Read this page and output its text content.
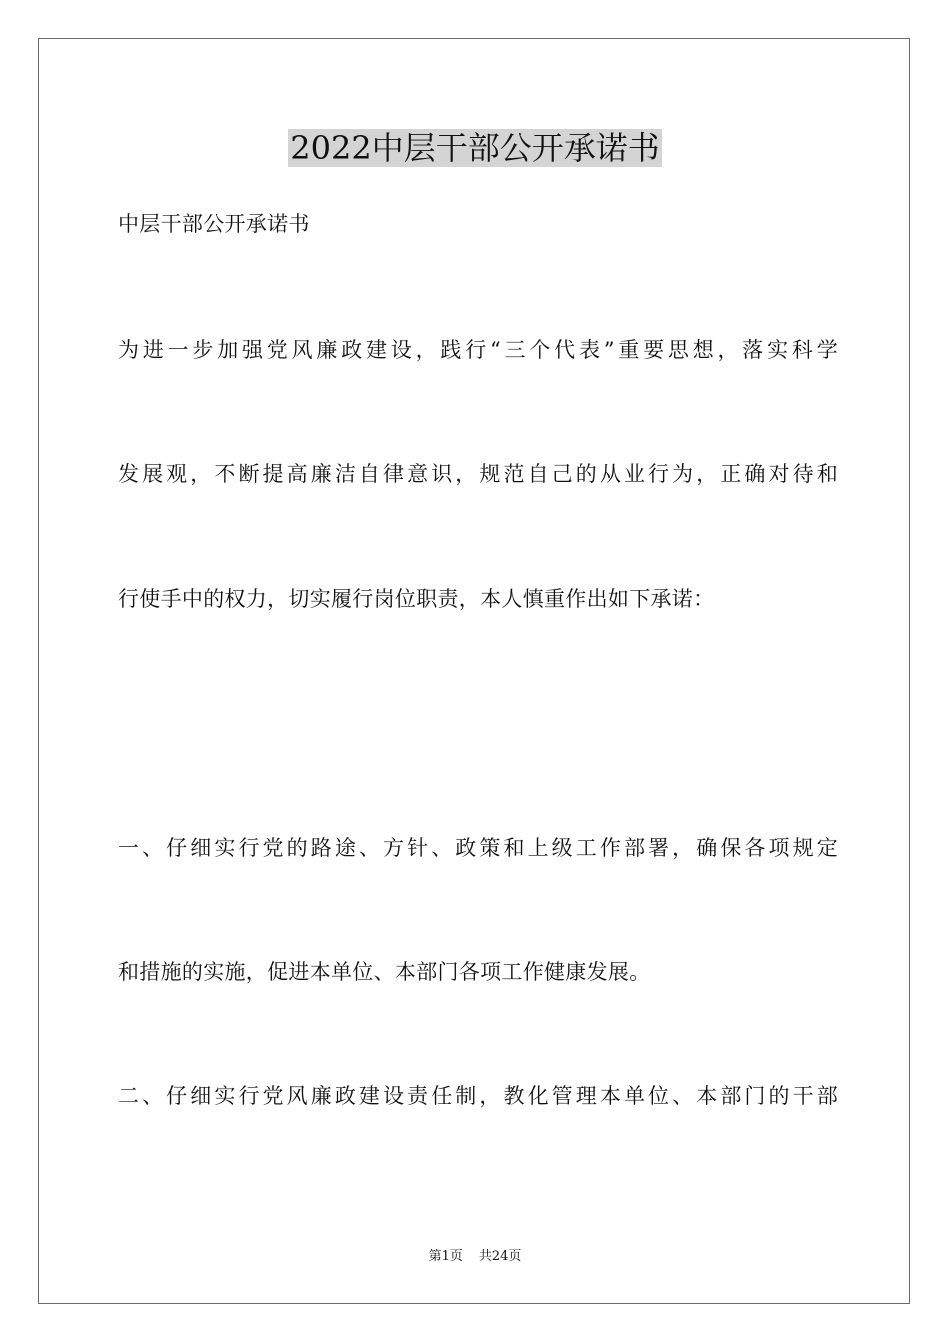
2022中层干部公开承诺书

中层干部公开承诺书

为进一步加强党风廉政建设，践行“三个代表”重要思想，落实科学

发展观，不断提高廉洁自律意识，规范自己的从业行为，正确对待和

行使手中的权力，切实履行岗位职责，本人慎重作出如下承诺：

一、仔细实行党的路途、方针、政策和上级工作部署，确保各项规定

和措施的实施，促进本单位、本部门各项工作健康发展。

二、仔细实行党风廉政建设责任制，教化管理本单位、本部门的干部

第1页 共24页
